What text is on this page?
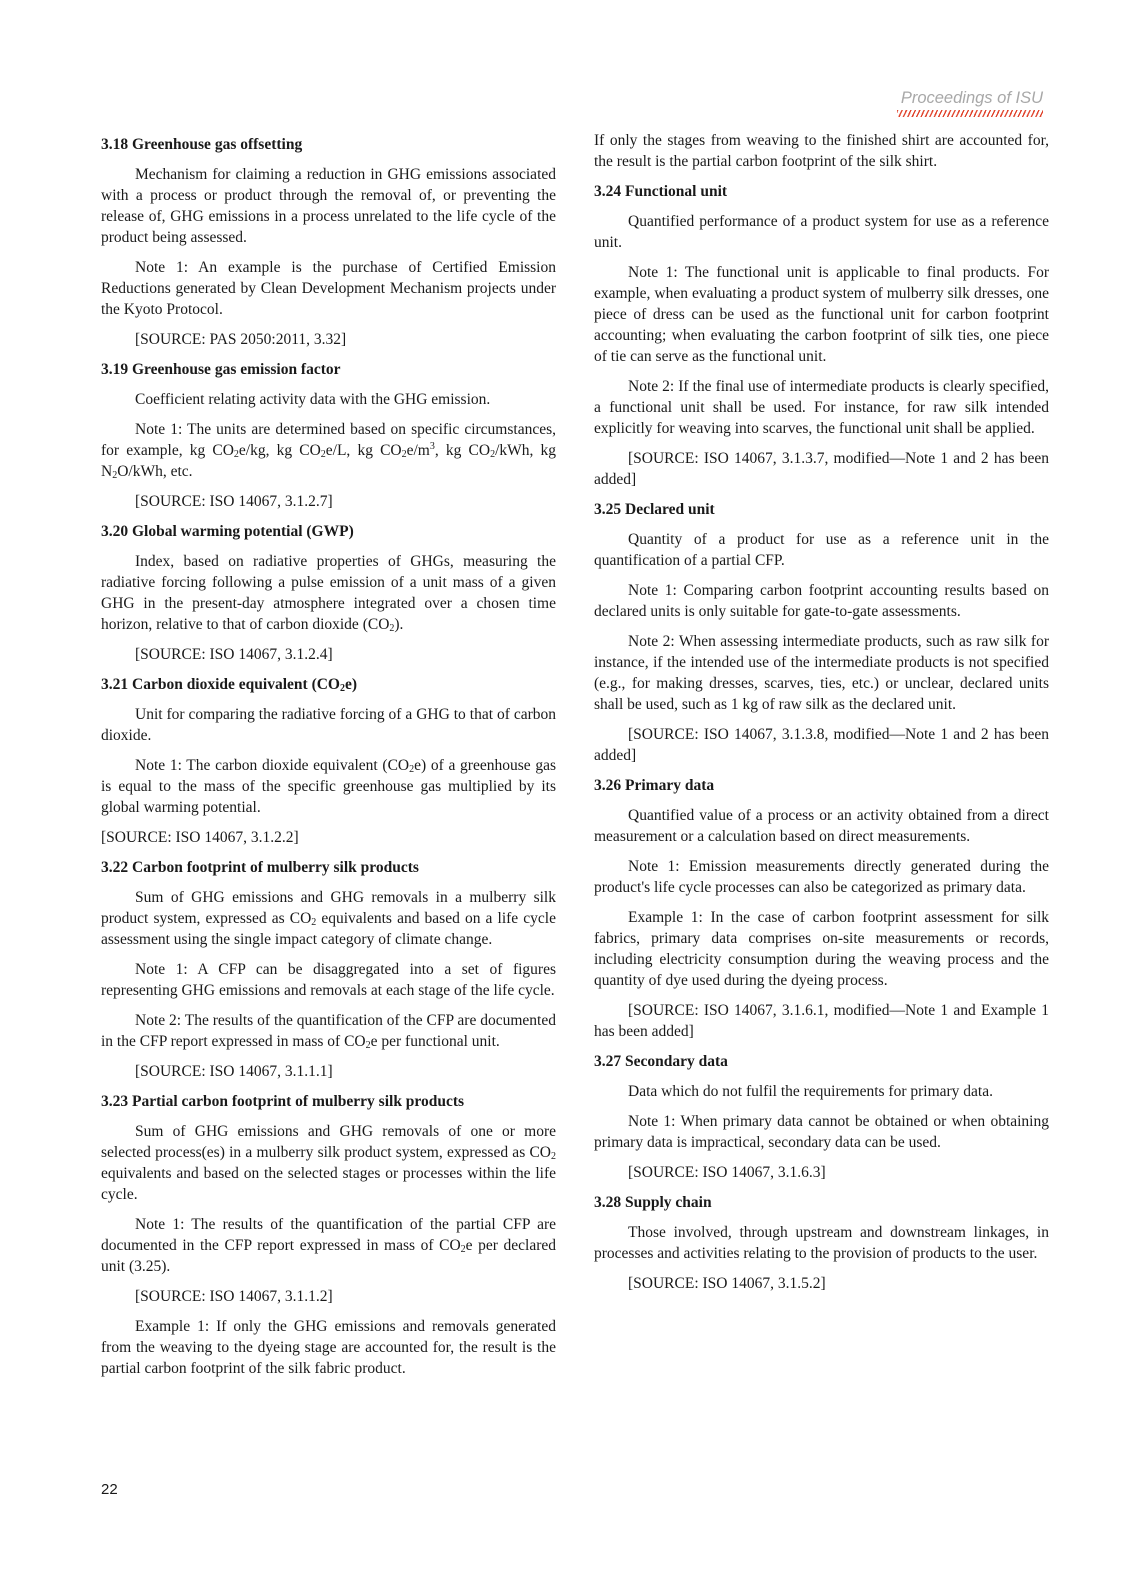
Proceedings of ISU
3.18 Greenhouse gas offsetting

Mechanism for claiming a reduction in GHG emissions associated with a process or product through the removal of, or preventing the release of, GHG emissions in a process unrelated to the life cycle of the product being assessed.

Note 1: An example is the purchase of Certified Emission Reductions generated by Clean Development Mechanism projects under the Kyoto Protocol.

[SOURCE: PAS 2050:2011, 3.32]

3.19 Greenhouse gas emission factor

Coefficient relating activity data with the GHG emission.

Note 1: The units are determined based on specific circumstances, for example, kg $CO_2e/kg$, kg $CO_2e/L$, kg $CO_2e/m^3$, kg $CO_2$/kWh, kg $N_2O$/kWh, etc.

[SOURCE: ISO 14067, 3.1.2.7]

3.20 Global warming potential (GWP)

Index, based on radiative properties of GHGs, measuring the radiative forcing following a pulse emission of a unit mass of a given GHG in the present-day atmosphere integrated over a chosen time horizon, relative to that of carbon dioxide $(CO_2)$.

[SOURCE: ISO 14067, 3.1.2.4]

3.21 Carbon dioxide equivalent $(CO_2e)$

Unit for comparing the radiative forcing of a GHG to that of carbon dioxide.

Note 1: The carbon dioxide equivalent $(CO_2e)$ of a greenhouse gas is equal to the mass of the specific greenhouse gas multiplied by its global warming potential.

[SOURCE: ISO 14067, 3.1.2.2]

3.22 Carbon footprint of mulberry silk products

Sum of GHG emissions and GHG removals in a mulberry silk product system, expressed as $CO_2$ equivalents and based on a life cycle assessment using the single impact category of climate change.

Note 1: A CFP can be disaggregated into a set of figures representing GHG emissions and removals at each stage of the life cycle.

Note 2: The results of the quantification of the CFP are documented in the CFP report expressed in mass of $CO_2e$ per functional unit.

[SOURCE: ISO 14067, 3.1.1.1]

3.23 Partial carbon footprint of mulberry silk products

Sum of GHG emissions and GHG removals of one or more selected process(es) in a mulberry silk product system, expressed as $CO_2$ equivalents and based on the selected stages or processes within the life cycle.

Note 1: The results of the quantification of the partial CFP are documented in the CFP report expressed in mass of $CO_2e$ per declared unit (3.25).

[SOURCE: ISO 14067, 3.1.1.2]

Example 1: If only the GHG emissions and removals generated from the weaving to the dyeing stage are accounted for, the result is the partial carbon footprint of the silk fabric product.

If only the stages from weaving to the finished shirt are accounted for, the result is the partial carbon footprint of the silk shirt.

3.24 Functional unit

Quantified performance of a product system for use as a reference unit.

Note 1: The functional unit is applicable to final products. For example, when evaluating a product system of mulberry silk dresses, one piece of dress can be used as the functional unit for carbon footprint accounting; when evaluating the carbon footprint of silk ties, one piece of tie can serve as the functional unit.

Note 2: If the final use of intermediate products is clearly specified, a functional unit shall be used. For instance, for raw silk intended explicitly for weaving into scarves, the functional unit shall be applied.

[SOURCE: ISO 14067, 3.1.3.7, modified—Note 1 and 2 has been added]

3.25 Declared unit

Quantity of a product for use as a reference unit in the quantification of a partial CFP.

Note 1: Comparing carbon footprint accounting results based on declared units is only suitable for gate-to-gate assessments.

Note 2: When assessing intermediate products, such as raw silk for instance, if the intended use of the intermediate products is not specified (e.g., for making dresses, scarves, ties, etc.) or unclear, declared units shall be used, such as 1 kg of raw silk as the declared unit.

[SOURCE: ISO 14067, 3.1.3.8, modified—Note 1 and 2 has been added]

3.26 Primary data

Quantified value of a process or an activity obtained from a direct measurement or a calculation based on direct measurements.

Note 1: Emission measurements directly generated during the product's life cycle processes can also be categorized as primary data.

Example 1: In the case of carbon footprint assessment for silk fabrics, primary data comprises on-site measurements or records, including electricity consumption during the weaving process and the quantity of dye used during the dyeing process.

[SOURCE: ISO 14067, 3.1.6.1, modified—Note 1 and Example 1 has been added]

3.27 Secondary data

Data which do not fulfil the requirements for primary data.

Note 1: When primary data cannot be obtained or when obtaining primary data is impractical, secondary data can be used.

[SOURCE: ISO 14067, 3.1.6.3]

3.28 Supply chain

Those involved, through upstream and downstream linkages, in processes and activities relating to the provision of products to the user.

[SOURCE: ISO 14067, 3.1.5.2]

22
